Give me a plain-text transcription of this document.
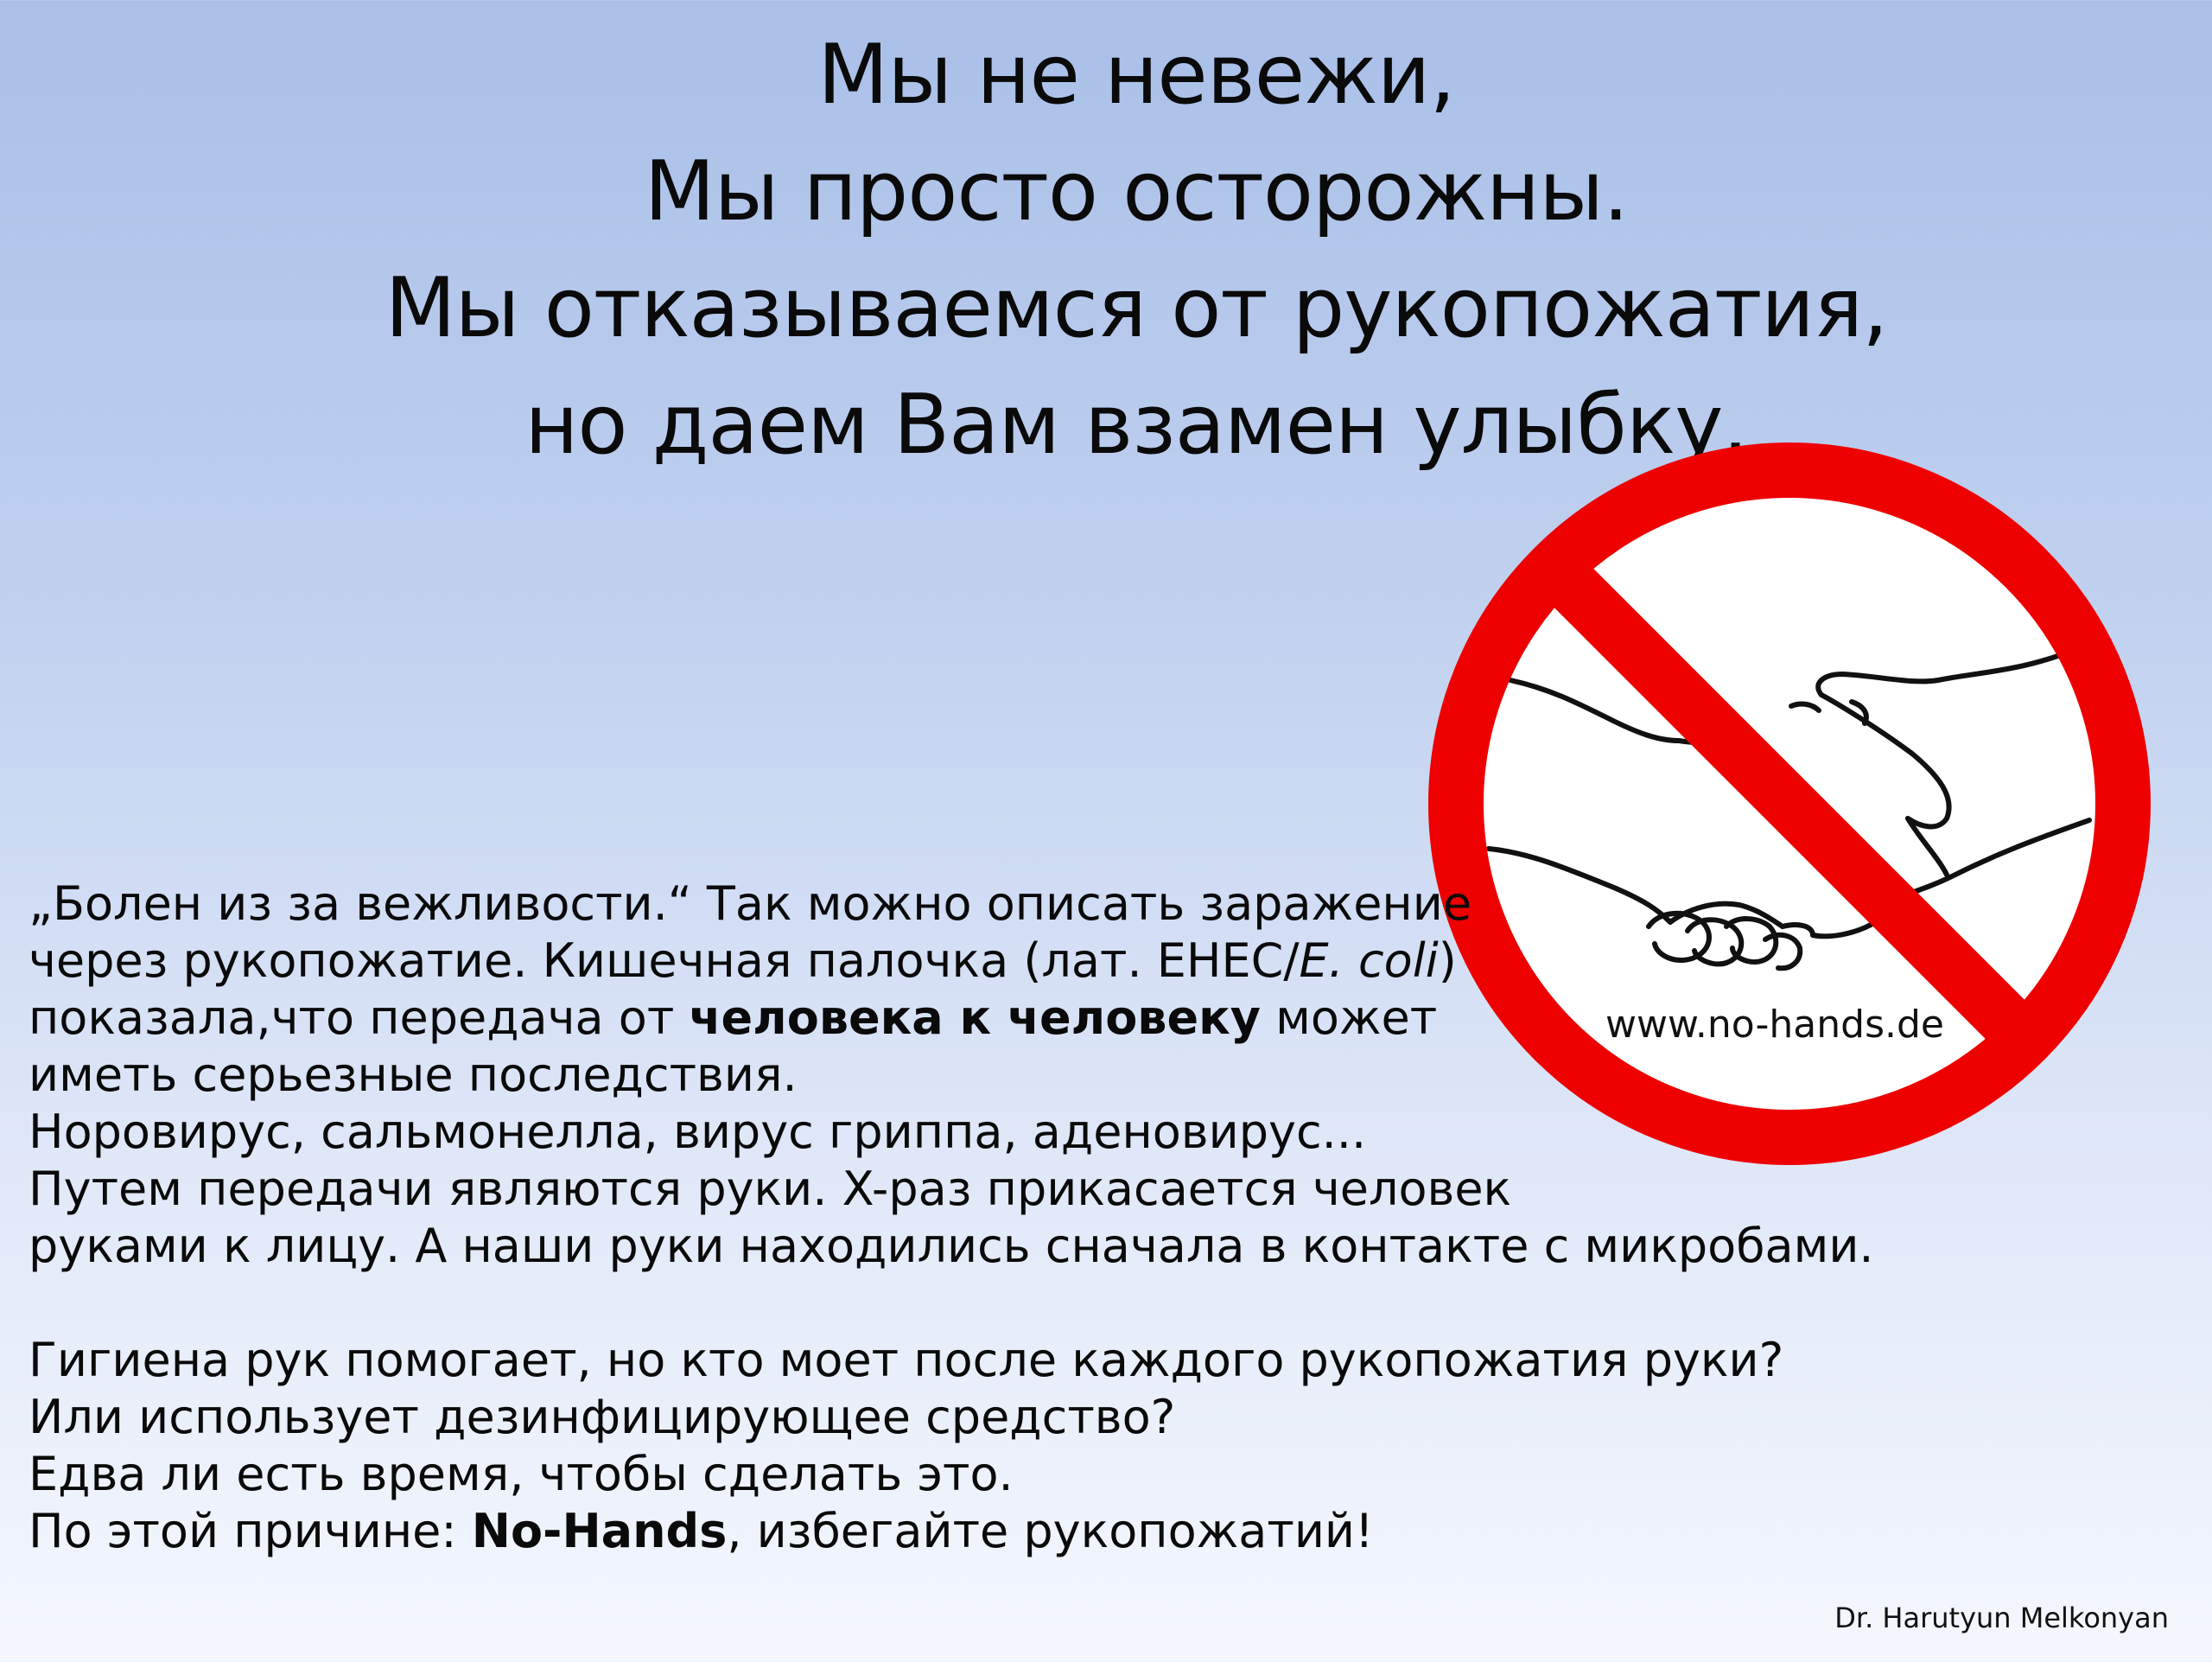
Мы не невежи,
Мы просто осторожны.
Мы отказываемся от рукопожатия,
но даем Вам взамен улыбку.
www.no-hands.de
„Болен из за вежливости.“ Так можно описать заражение
через рукопожатие. Кишечная палочка (лат. EHEC/E. coli)
показала,что передача от человека к человеку может
иметь серьезные последствия.
Норовирус, сальмонелла, вирус гриппа, аденовирус...
Путем передачи являются руки. X-раз прикасается человек
руками к лицу. А наши руки находились сначала в контакте с микробами.
Гигиена рук помогает, но кто моет после каждого рукопожатия руки?
Или использует дезинфицирующее средство?
Едва ли есть время, чтобы сделать это.
По этой причине: No-Hands, избегайте рукопожатий!
Dr. Harutyun Melkonyan
